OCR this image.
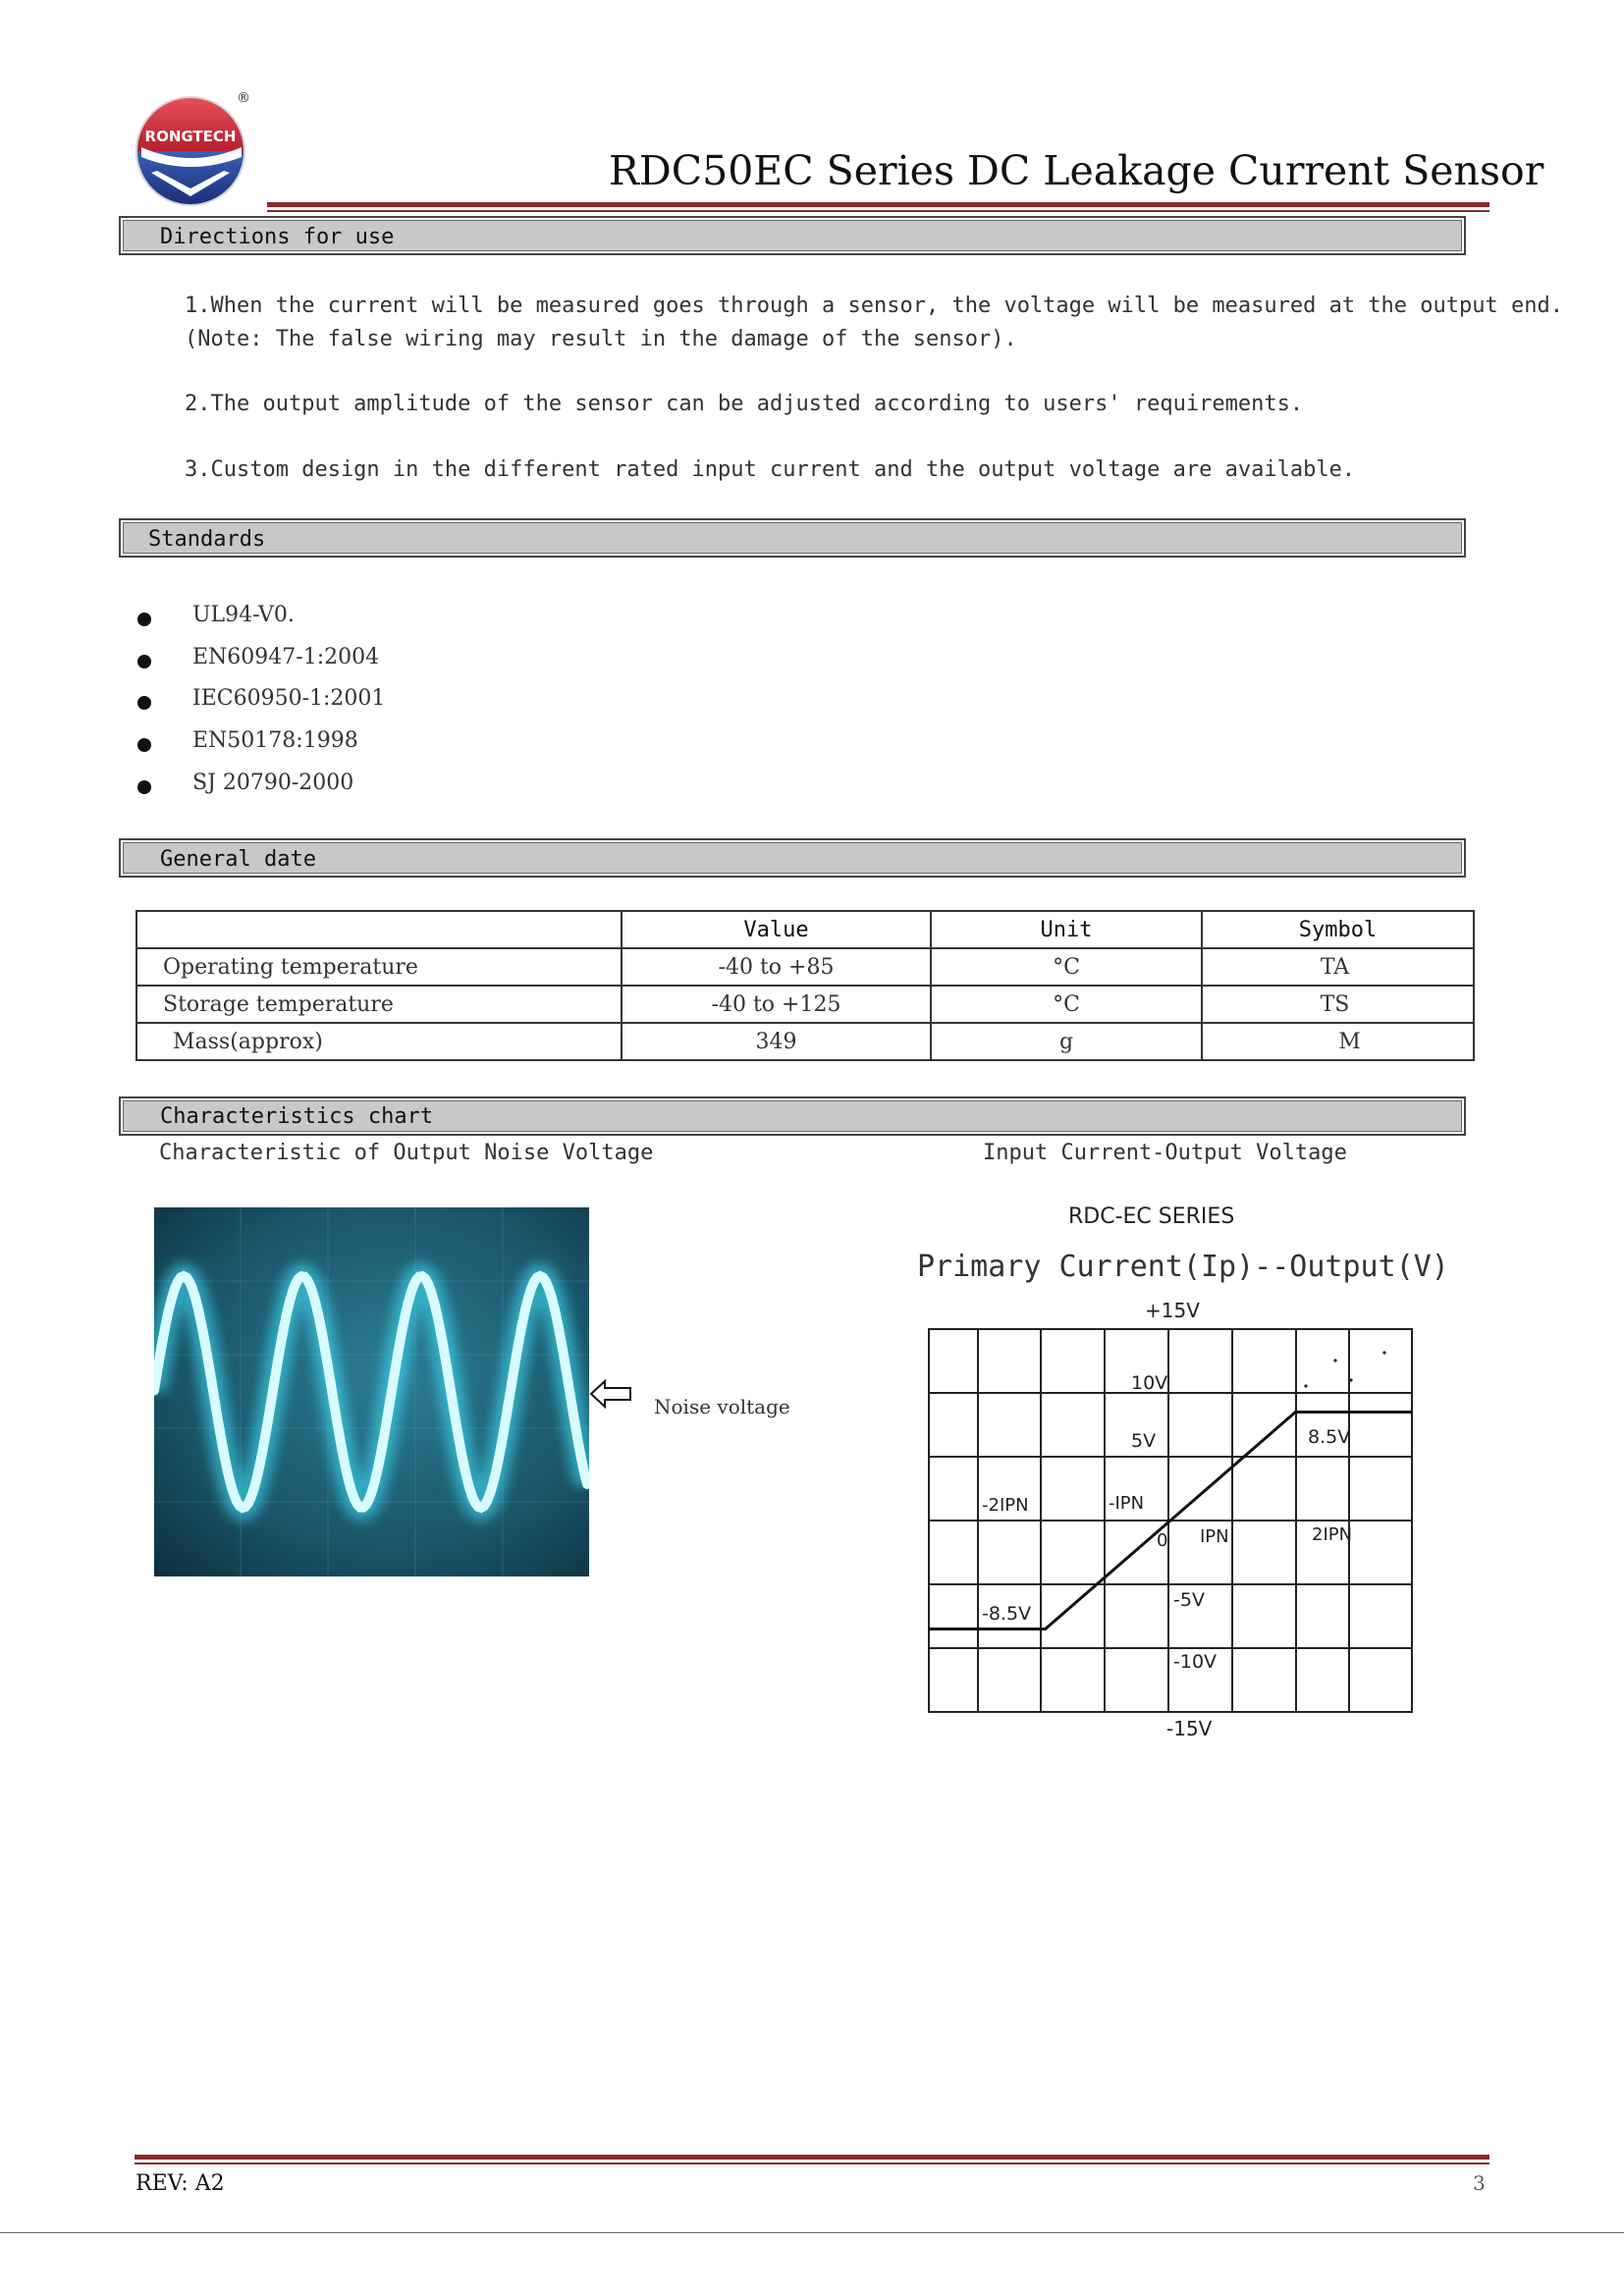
RONGTECH
®
RDC50EC Series DC Leakage Current Sensor
Directions for use
1.When the current will be measured goes through a sensor, the voltage will be measured at the output end.
(Note: The false wiring may result in the damage of the sensor).
2.The output amplitude of the sensor can be adjusted according to users' requirements.
3.Custom design in the different rated input current and the output voltage are available.
Standards
UL94-V0.
EN60947-1:2004
IEC60950-1:2001
EN50178:1998
SJ 20790-2000
General date
	Value	Unit	Symbol
Operating temperature	-40 to +85	°C	TA
Storage temperature	-40 to +125	°C	TS
Mass(approx)	349	g	M
Characteristics chart
Characteristic of Output Noise Voltage	Input Current-Output Voltage
Noise voltage
RDC-EC SERIES
Primary Current(Ip)--Output(V)
+15V
10V
5V
-5V
-10V
-15V
-2IPN	-IPN
0 IPN	2IPN
8.5V
-8.5V
REV: A2	3
